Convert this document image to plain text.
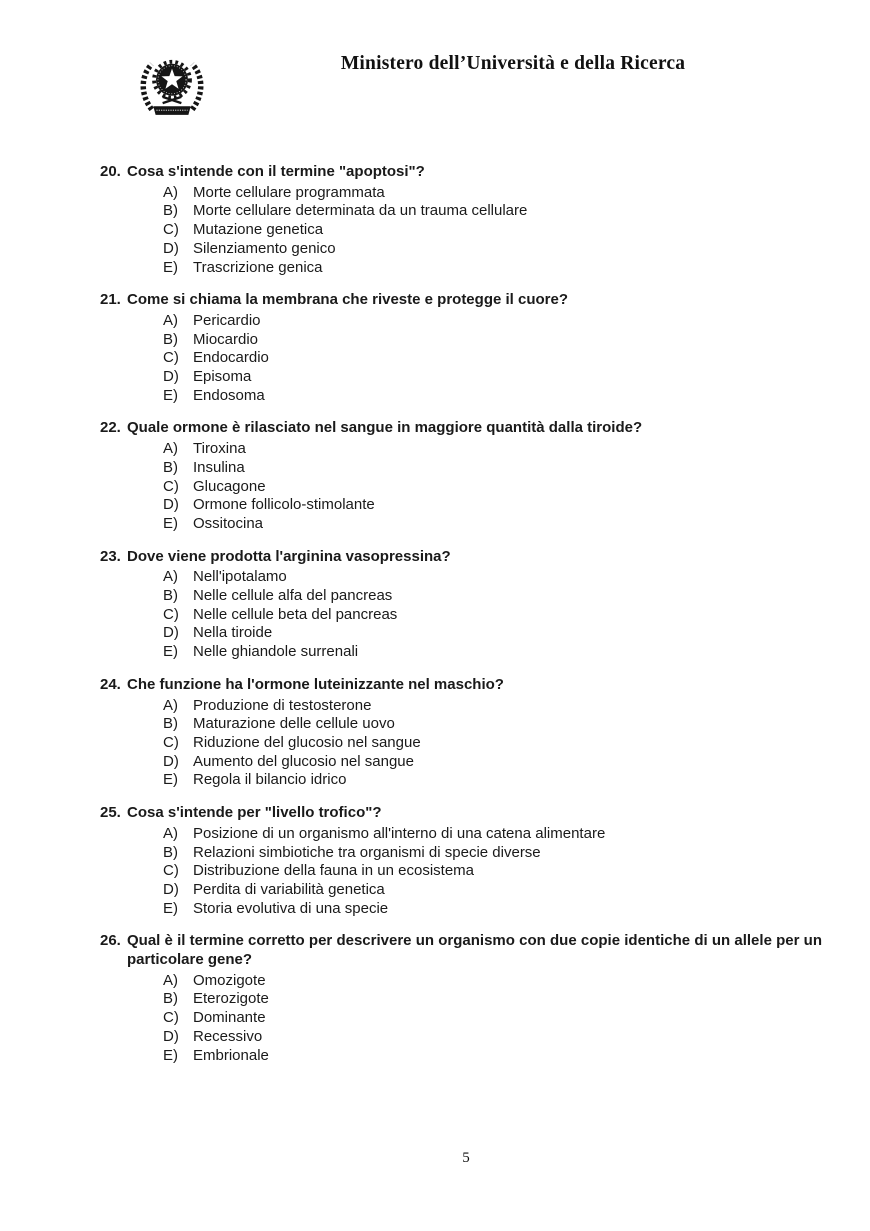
Ministero dell’Università e della Ricerca
20. Cosa s'intende con il termine "apoptosi"?
A)	Morte cellulare programmata
B)	Morte cellulare determinata da un trauma cellulare
C) Mutazione genetica
D) Silenziamento genico
E)	Trascrizione genica
21. Come si chiama la membrana che riveste e protegge il cuore?
A)	Pericardio
B)	Miocardio
C) Endocardio
D) Episoma
E)	Endosoma
22. Quale ormone è rilasciato nel sangue in maggiore quantità dalla tiroide?
A)	Tiroxina
B)	Insulina
C) Glucagone
D) Ormone follicolo-stimolante
E)	Ossitocina
23. Dove viene prodotta l'arginina vasopressina?
A)	Nell'ipotalamo
B)	Nelle cellule alfa del pancreas
C) Nelle cellule beta del pancreas
D) Nella tiroide
E)	Nelle ghiandole surrenali
24. Che funzione ha l'ormone luteinizzante nel maschio?
A)	Produzione di testosterone
B)	Maturazione delle cellule uovo
C) Riduzione del glucosio nel sangue
D) Aumento del glucosio nel sangue
E)	Regola il bilancio idrico
25. Cosa s'intende per "livello trofico"?
A)	Posizione di un organismo all'interno di una catena alimentare
B)	Relazioni simbiotiche tra organismi di specie diverse
C) Distribuzione della fauna in un ecosistema
D) Perdita di variabilità genetica
E)	Storia evolutiva di una specie
26. Qual è il termine corretto per descrivere un organismo con due copie identiche di un allele per un particolare gene?
A)	Omozigote
B)	Eterozigote
C) Dominante
D) Recessivo
E)	Embrionale
5
